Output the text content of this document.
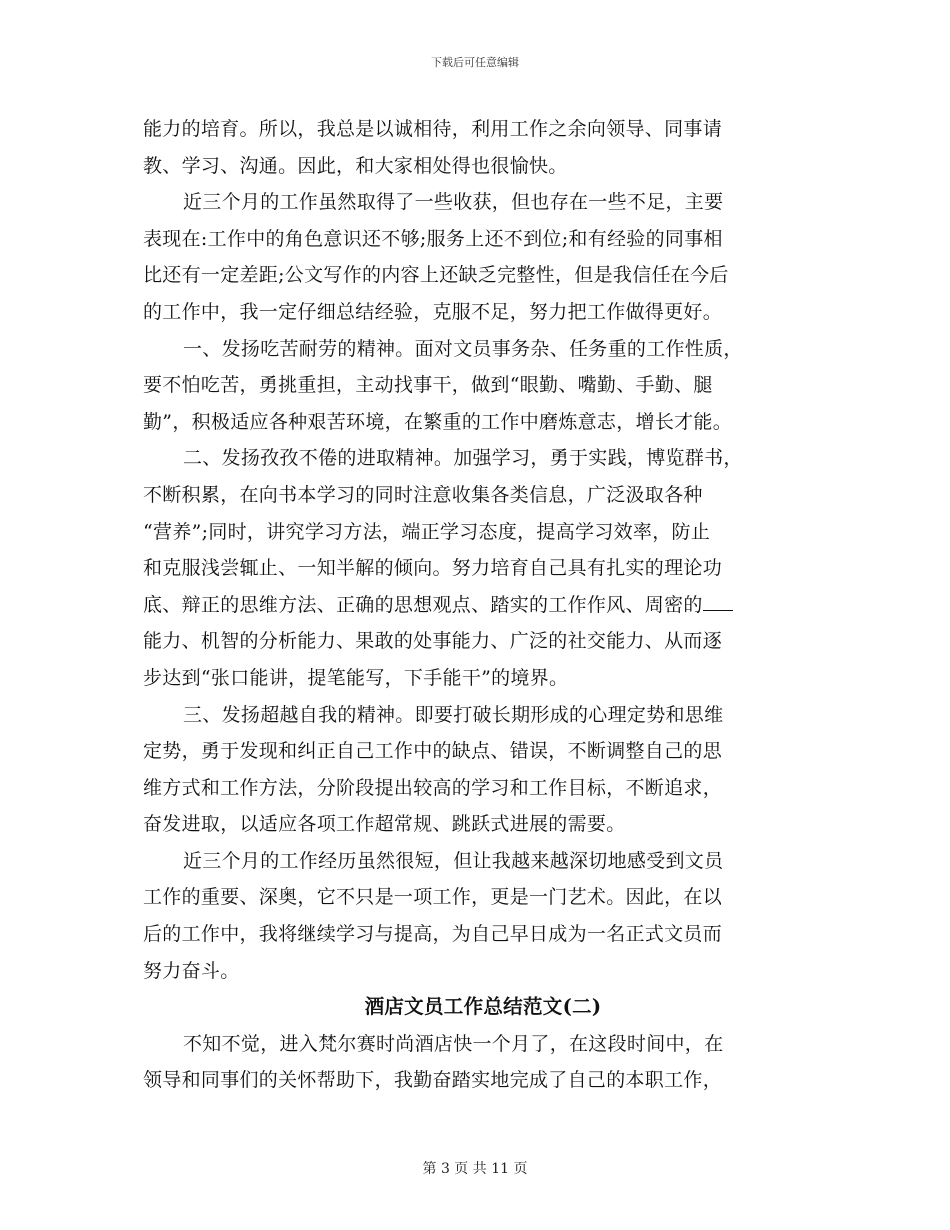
下载后可任意编辑
能力的培育。所以，我总是以诚相待，利用工作之余向领导、同事请
教、学习、沟通。因此，和大家相处得也很愉快。
近三个月的工作虽然取得了一些收获，但也存在一些不足，主要
表现在:工作中的角色意识还不够;服务上还不到位;和有经验的同事相
比还有一定差距;公文写作的内容上还缺乏完整性，但是我信任在今后
的工作中，我一定仔细总结经验，克服不足，努力把工作做得更好。
一、发扬吃苦耐劳的精神。面对文员事务杂、任务重的工作性质，
要不怕吃苦，勇挑重担，主动找事干，做到“眼勤、嘴勤、手勤、腿
勤”，积极适应各种艰苦环境，在繁重的工作中磨炼意志，增长才能。
二、发扬孜孜不倦的进取精神。加强学习，勇于实践，博览群书，
不断积累，在向书本学习的同时注意收集各类信息，广泛汲取各种
“营养”;同时，讲究学习方法，端正学习态度，提高学习效率，防止
和克服浅尝辄止、一知半解的倾向。努力培育自己具有扎实的理论功
底、辩正的思维方法、正确的思想观点、踏实的工作作风、周密的
能力、机智的分析能力、果敢的处事能力、广泛的社交能力、从而逐
步达到“张口能讲，提笔能写，下手能干”的境界。
三、发扬超越自我的精神。即要打破长期形成的心理定势和思维
定势，勇于发现和纠正自己工作中的缺点、错误，不断调整自己的思
维方式和工作方法，分阶段提出较高的学习和工作目标，不断追求，
奋发进取，以适应各项工作超常规、跳跃式进展的需要。
近三个月的工作经历虽然很短，但让我越来越深切地感受到文员
工作的重要、深奥，它不只是一项工作，更是一门艺术。因此，在以
后的工作中，我将继续学习与提高，为自己早日成为一名正式文员而
努力奋斗。
酒店文员工作总结范文(二)
不知不觉，进入梵尔赛时尚酒店快一个月了，在这段时间中，在
领导和同事们的关怀帮助下，我勤奋踏实地完成了自己的本职工作，
第 3 页 共 11 页
